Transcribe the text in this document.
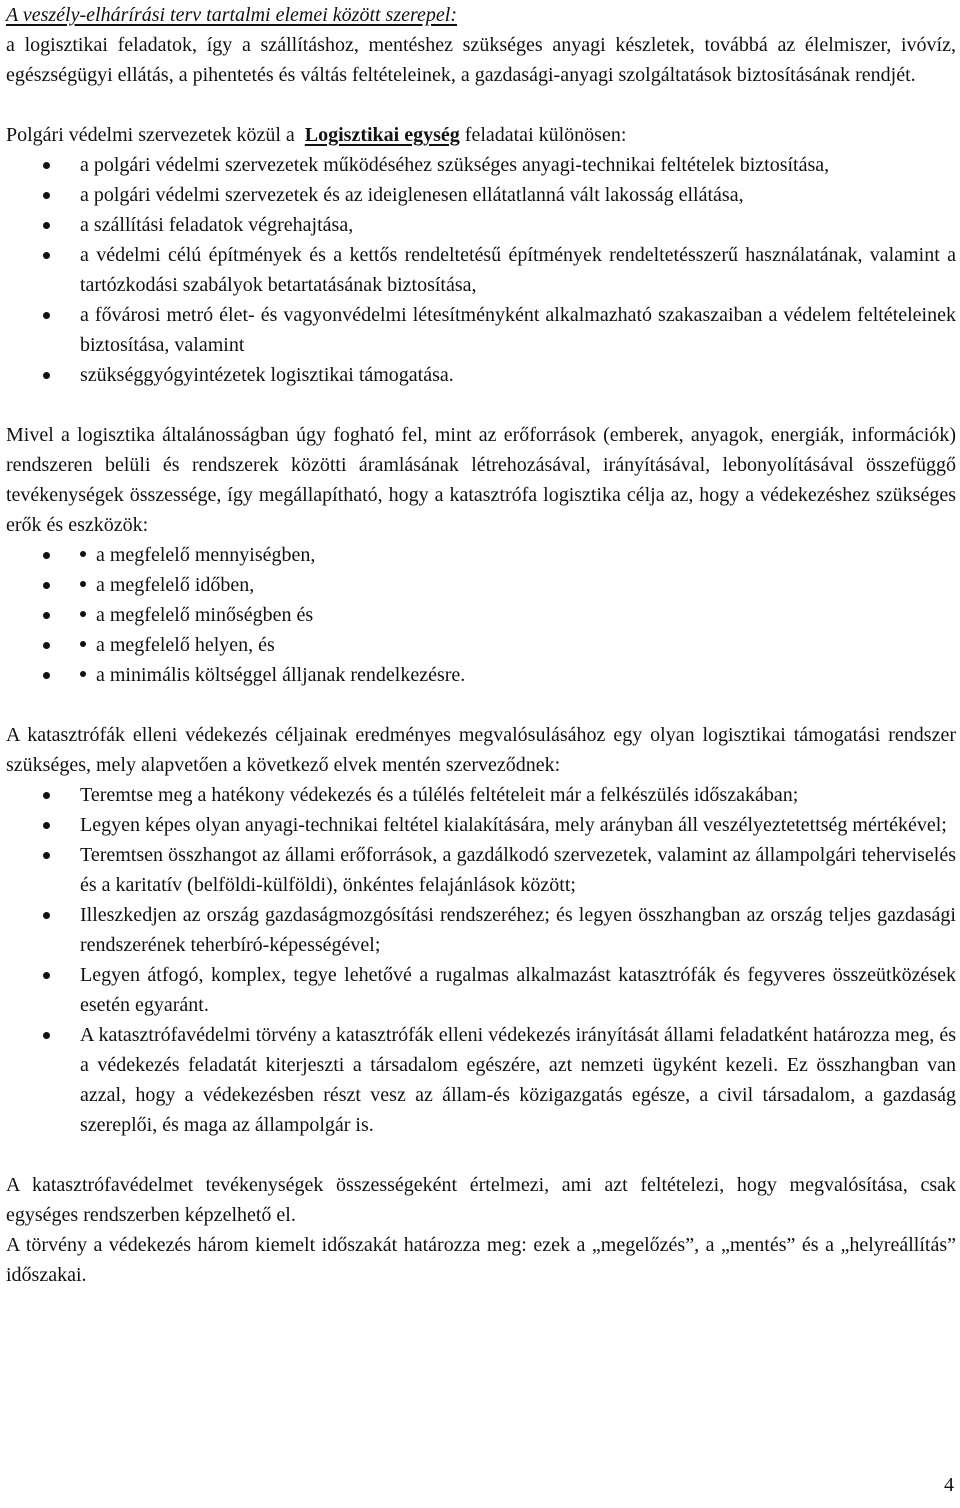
A veszély-elhárírási terv tartalmi elemei között szerepel:

a logisztikai feladatok, így a szállításhoz, mentéshez szükséges anyagi készletek, továbbá az élelmiszer, ivóvíz, egészségügyi ellátás, a pihentetés és váltás feltételeinek, a gazdasági-anyagi szolgáltatások biztosításának rendjét.

Polgári védelmi szervezetek közül a Logisztikai egység feladatai különösen:

a polgári védelmi szervezetek működéséhez szükséges anyagi-technikai feltételek biztosítása,
a polgári védelmi szervezetek és az ideiglenesen ellátatlanná vált lakosság ellátása,
a szállítási feladatok végrehajtása,
a védelmi célú építmények és a kettős rendeltetésű építmények rendeltetésszerű használatának, valamint a tartózkodási szabályok betartatásának biztosítása,
a fővárosi metró élet- és vagyonvédelmi létesítményként alkalmazható szakaszaiban a védelem feltételeinek biztosítása, valamint
szükséggyógyintézetek logisztikai támogatása.

Mivel a logisztika általánosságban úgy fogható fel, mint az erőforrások (emberek, anyagok, energiák, információk) rendszeren belüli és rendszerek közötti áramlásának létrehozásával, irányításával, lebonyolításával összefüggő tevékenységek összessége, így megállapítható, hogy a katasztrófa logisztika célja az, hogy a védekezéshez szükséges erők és eszközök:

a megfelelő mennyiségben,
a megfelelő időben,
a megfelelő minőségben és
a megfelelő helyen, és
a minimális költséggel álljanak rendelkezésre.

A katasztrófák elleni védekezés céljainak eredményes megvalósulásához egy olyan logisztikai támogatási rendszer szükséges, mely alapvetően a következő elvek mentén szerveződnek:

Teremtse meg a hatékony védekezés és a túlélés feltételeit már a felkészülés időszakában;
Legyen képes olyan anyagi-technikai feltétel kialakítására, mely arányban áll veszélyeztetettség mértékével;
Teremtsen összhangot az állami erőforrások, a gazdálkodó szervezetek, valamint az állampolgári teherviselés és a karitatív (belföldi-külföldi), önkéntes felajánlások között;
Illeszkedjen az ország gazdaságmozgósítási rendszeréhez; és legyen összhangban az ország teljes gazdasági rendszerének teherbíró-képességével;
Legyen átfogó, komplex, tegye lehetővé a rugalmas alkalmazást katasztrófák és fegyveres összeütközések esetén egyaránt.
A katasztrófavédelmi törvény a katasztrófák elleni védekezés irányítását állami feladatként határozza meg, és a védekezés feladatát kiterjeszti a társadalom egészére, azt nemzeti ügyként kezeli. Ez összhangban van azzal, hogy a védekezésben részt vesz az állam-és közigazgatás egésze, a civil társadalom, a gazdaság szereplői, és maga az állampolgár is.

A katasztrófavédelmet tevékenységek összességeként értelmezi, ami azt feltételezi, hogy megvalósítása, csak egységes rendszerben képzelhető el.

A törvény a védekezés három kiemelt időszakát határozza meg: ezek a „megelőzés”, a „mentés” és a „helyreállítás” időszakai.

4
